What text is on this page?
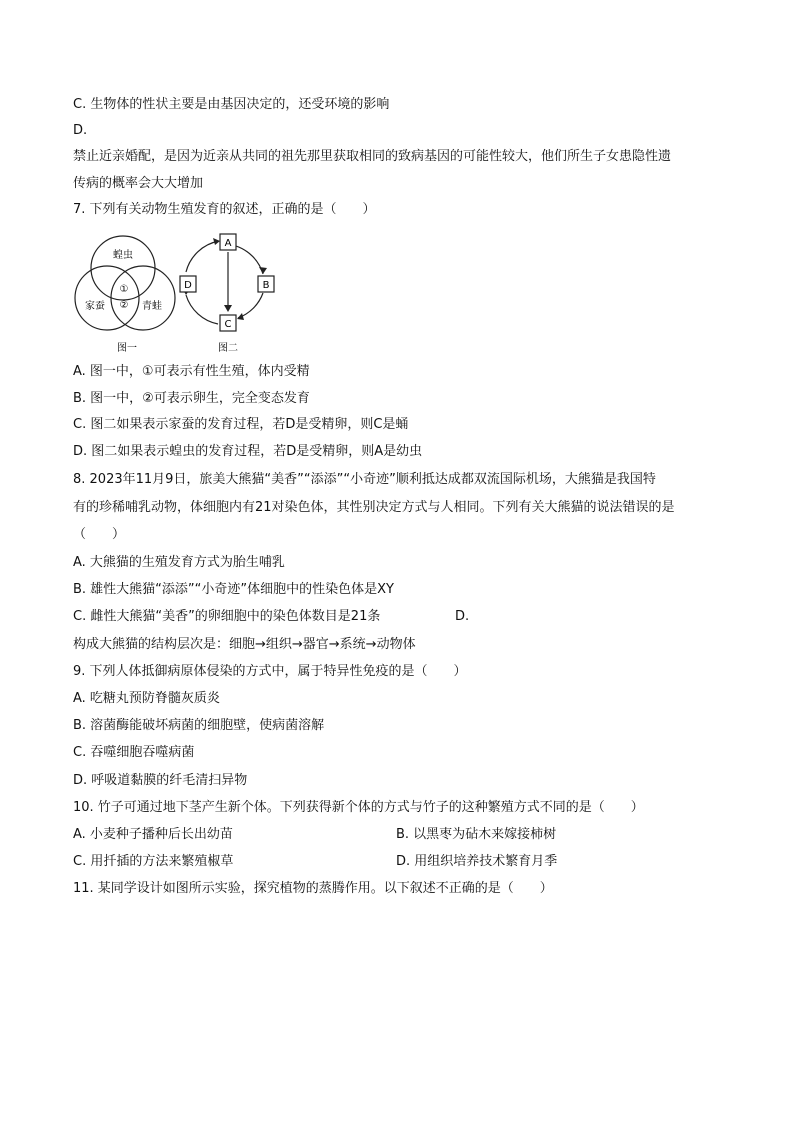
C. 生物体的性状主要是由基因决定的，还受环境的影响
D.
禁止近亲婚配，是因为近亲从共同的祖先那里获取相同的致病基因的可能性较大，他们所生子女患隐性遗
传病的概率会大大增加
7. 下列有关动物生殖发育的叙述，正确的是（　　）
蝗虫
家蚕	青蛙
①
②
图一
A
B
C
D
图二
A. 图一中，①可表示有性生殖，体内受精
B. 图一中，②可表示卵生，完全变态发育
C. 图二如果表示家蚕的发育过程，若D是受精卵，则C是蛹
D. 图二如果表示蝗虫的发育过程，若D是受精卵，则A是幼虫
8. 2023年11月9日，旅美大熊猫“美香”“添添”“小奇迹”顺利抵达成都双流国际机场，大熊猫是我国特
有的珍稀哺乳动物，体细胞内有21对染色体，其性别决定方式与人相同。下列有关大熊猫的说法错误的是
（　　）
A. 大熊猫的生殖发育方式为胎生哺乳
B. 雄性大熊猫“添添”“小奇迹”体细胞中的性染色体是XY
C. 雌性大熊猫“美香”的卵细胞中的染色体数目是21条	D.
构成大熊猫的结构层次是：细胞→组织→器官→系统→动物体
9. 下列人体抵御病原体侵染的方式中，属于特异性免疫的是（　　）
A. 吃糖丸预防脊髓灰质炎
B. 溶菌酶能破坏病菌的细胞壁，使病菌溶解
C. 吞噬细胞吞噬病菌
D. 呼吸道黏膜的纤毛清扫异物
10. 竹子可通过地下茎产生新个体。下列获得新个体的方式与竹子的这种繁殖方式不同的是（　　）
A. 小麦种子播种后长出幼苗	B. 以黑枣为砧木来嫁接柿树
C. 用扦插的方法来繁殖椒草	D. 用组织培养技术繁育月季
11. 某同学设计如图所示实验，探究植物的蒸腾作用。以下叙述不正确的是（　　）
